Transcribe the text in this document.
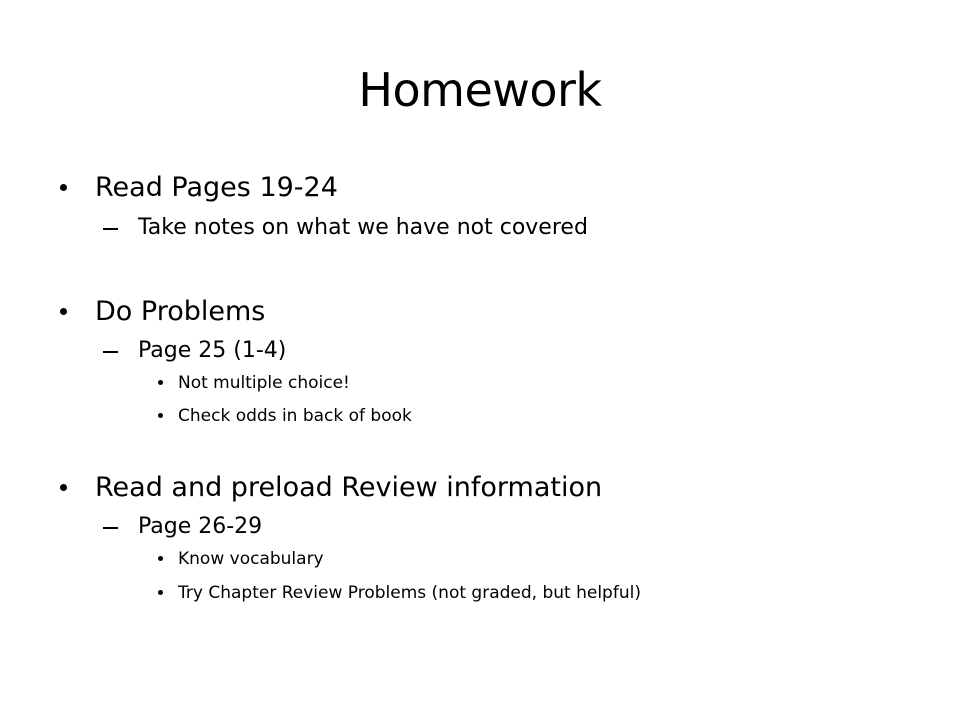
Homework
Read Pages 19-24
Take notes on what we have not covered
Do Problems
Page 25 (1-4)
Not multiple choice!
Check odds in back of book
Read and preload Review information
Page 26-29
Know vocabulary
Try Chapter Review Problems (not graded, but helpful)
